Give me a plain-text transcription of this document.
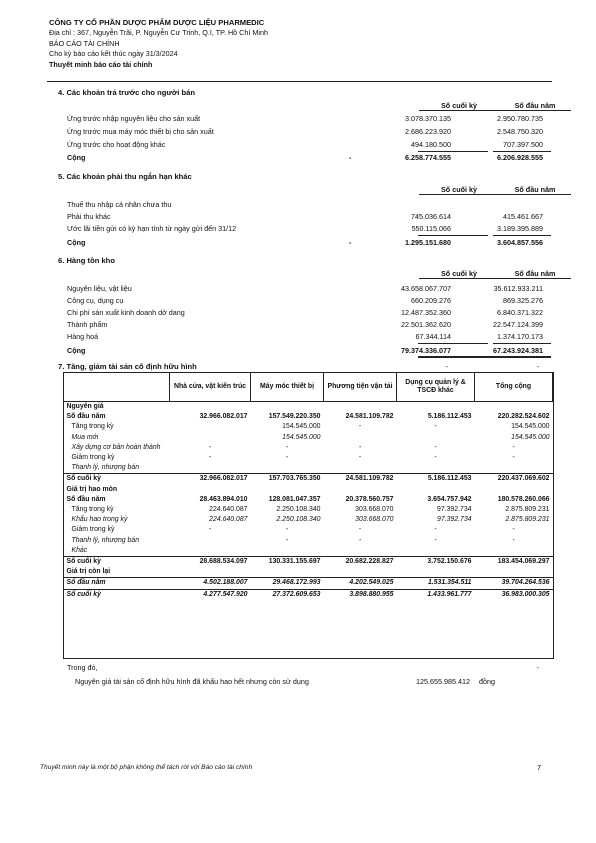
CÔNG TY CỔ PHẦN DƯỢC PHẨM DƯỢC LIỆU PHARMEDIC
Địa chỉ : 367, Nguyễn Trãi, P. Nguyễn Cư Trinh, Q.I, TP. Hồ Chí Minh
BÁO CÁO TÀI CHÍNH
Cho kỳ báo cáo kết thúc ngày 31/3/2024
Thuyết minh báo cáo tài chính
4. Các khoản trả trước cho người bán
Số cuối kỳ	Số đầu năm
Ứng trước nhập nguyên liệu cho sản xuất	3.078.370.135	2.950.780.735
Ứng trước mua máy móc thiết bị cho sản xuất	2.686.223.920	2.548.750.320
Ứng trước cho hoạt động khác	494.180.500	707.397.500
Cộng	-	6.258.774.555	6.206.928.555
5. Các khoản phải thu ngắn hạn khác
Số cuối kỳ	Số đầu năm
Thuế thu nhập cá nhân chưa thu
Phải thu khác	745.036.614	415.461.667
Ước lãi tiền gửi có kỳ hạn tính từ ngày gửi đến 31/12	550.115.066	3.189.395.889
Cộng	-	1.295.151.680	3.604.857.556
6. Hàng tồn kho
Số cuối kỳ	Số đầu năm
Nguyên liệu, vật liệu	43.658.067.707	35.612.933.211
Công cụ, dụng cụ	660.209.276	869.325.276
Chi phí sản xuất kinh doanh dở dang	12.487.352.360	6.840.371.322
Thành phẩm	22.501.362.620	22.547.124.399
Hàng hoá	67.344.114	1.374.170.173
Cộng	79.374.336.077	67.243.924.381
7. Tăng, giảm tài sản cố định hữu hình	-	-
	Nhà cửa, vật kiến trúc	Máy móc thiết bị	Phương tiện vận tải	Dụng cụ quản lý & TSCĐ khác	Tổng cộng
Nguyên giá					
Số đầu năm	32.966.082.017	157.549.220.350	24.581.109.782	5.186.112.453	220.282.524.602
Tăng trong kỳ		154.545.000	-	-	154.545.000
Mua mới		154.545.000			154.545.000
Xây dựng cơ bản hoàn thành	-	-	-	-	-
Giảm trong kỳ	-	-	-	-	-
Thanh lý, nhượng bán					
Số cuối kỳ	32.966.082.017	157.703.765.350	24.581.109.782	5.186.112.453	220.437.069.602
Giá trị hao mòn					
Số đầu năm	28.463.894.010	128.081.047.357	20.378.560.757	3.654.757.942	180.578.260.066
Tăng trong kỳ	224.640.087	2.250.108.340	303.668.070	97.392.734	2.875.809.231
Khấu hao trong kỳ	224.640.087	2.250.108.340	303.668.070	97.392.734	2.875.809.231
Giảm trong kỳ	-	-	-	-	-
Thanh lý, nhượng bán		-	-	-	-
Khác					
Số cuối kỳ	28.688.534.097	130.331.155.697	20.682.228.827	3.752.150.676	183.454.069.297
Giá trị còn lại					
Số đầu năm	4.502.188.007	29.468.172.993	4.202.549.025	1.531.354.511	39.704.264.536
Số cuối kỳ	4.277.547.920	27.372.609.653	3.898.880.955	1.433.961.777	36.983.000.305
Trong đó,	-
Nguyên giá tài sản cố định hữu hình đã khấu hao hết nhưng còn sử dụng	125.655.985.412 đồng
Thuyết minh này là một bộ phận không thể tách rời với Báo cáo tài chính	7
